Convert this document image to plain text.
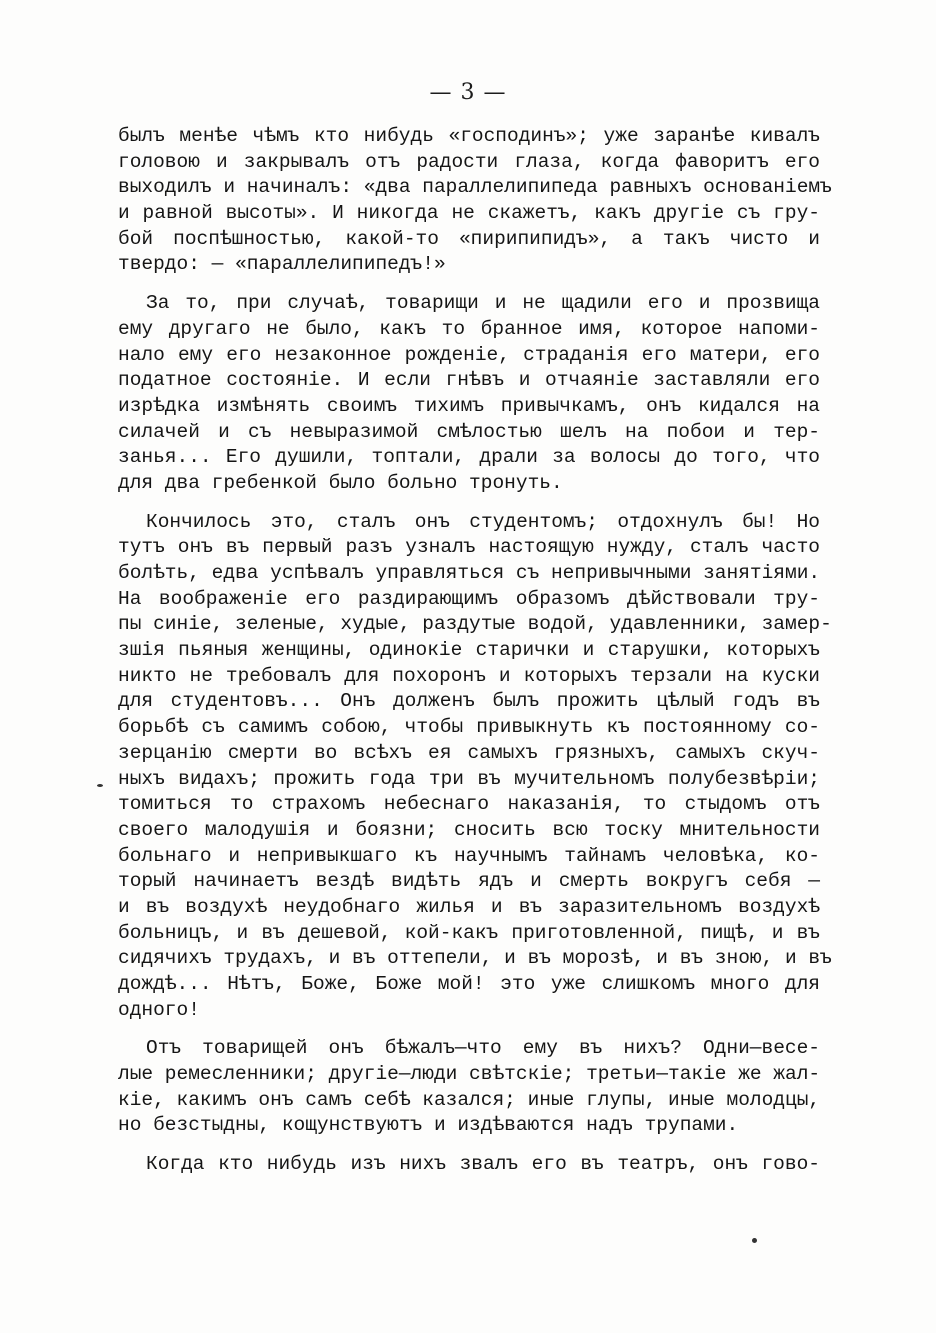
— 3 —
былъ менѣе чѣмъ кто нибудь «господинъ»; уже заранѣе кивалъ
головою и закрывалъ отъ радости глаза, когда фаворитъ его
выходилъ и начиналъ: «два параллелипипеда равныхъ основаніемъ
и равной высоты». И никогда не скажетъ, какъ другіе съ гру-
бой поспѣшностью, какой-то «пирипипидъ», а такъ чисто и
твердо: — «параллелипипедъ!»
За то, при случаѣ, товарищи и не щадили его и прозвища
ему другаго не было, какъ то бранное имя, которое напоми-
нало ему его незаконное рожденіе, страданія его матери, его
податное состояніе. И если гнѣвъ и отчаяніе заставляли его
изрѣдка измѣнять своимъ тихимъ привычкамъ, онъ кидался на
силачей и съ невыразимой смѣлостью шелъ на побои и тер-
занья... Его душили, топтали, драли за волосы до того, что
для два гребенкой было больно тронуть.
Кончилось это, сталъ онъ студентомъ; отдохнулъ бы! Но
тутъ онъ въ первый разъ узналъ настоящую нужду, сталъ часто
болѣть, едва успѣвалъ управляться съ непривычными занятіями.
На воображеніе его раздирающимъ образомъ дѣйствовали тру-
пы синіе, зеленые, худые, раздутые водой, удавленники, замер-
зшія пьяныя женщины, одинокіе старички и старушки, которыхъ
никто не требовалъ для похоронъ и которыхъ терзали на куски
для студентовъ... Онъ долженъ былъ прожить цѣлый годъ въ
борьбѣ съ самимъ собою, чтобы привыкнуть къ постоянному со-
зерцанію смерти во всѣхъ ея самыхъ грязныхъ, самыхъ скуч-
ныхъ видахъ; прожить года три въ мучительномъ полубезвѣріи;
томиться то страхомъ небеснаго наказанія, то стыдомъ отъ
своего малодушія и боязни; сносить всю тоску мнительности
больнаго и непривыкшаго къ научнымъ тайнамъ человѣка, ко-
торый начинаетъ вездѣ видѣть ядъ и смерть вокругъ себя —
и въ воздухѣ неудобнаго жилья и въ заразительномъ воздухѣ
больницъ, и въ дешевой, кой-какъ приготовленной, пищѣ, и въ
сидячихъ трудахъ, и въ оттепели, и въ морозѣ, и въ зною, и въ
дождѣ... Нѣтъ, Боже, Боже мой! это уже слишкомъ много для
одного!
Отъ товарищей онъ бѣжалъ—что ему въ нихъ? Одни—весе-
лые ремесленники; другіе—люди свѣтскіе; третьи—такіе же жал-
кіе, какимъ онъ самъ себѣ казался; иные глупы, иные молодцы,
но безстыдны, кощунствуютъ и издѣваются надъ трупами.
Когда кто нибудь изъ нихъ звалъ его въ театръ, онъ гово-
